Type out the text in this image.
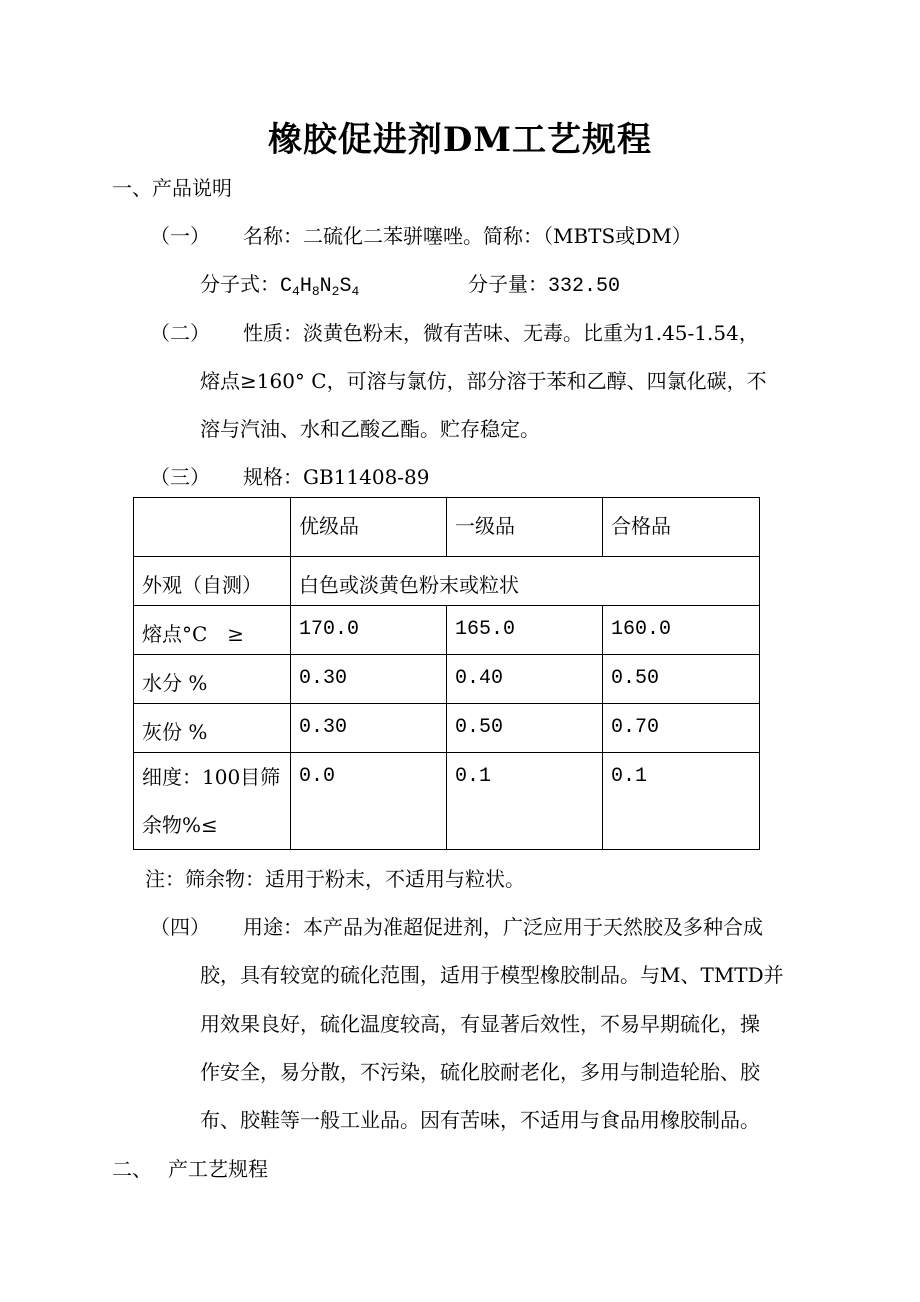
橡胶促进剂DM工艺规程
一、产品说明
（一） 名称：二硫化二苯骈噻唑。简称：（MBTS或DM）
分子式：$C_4H_8N_2S_4$	分子量：332.50
（二） 性质：淡黄色粉末，微有苦味、无毒。比重为1.45-1.54，
熔点≥160° C，可溶与氯仿，部分溶于苯和乙醇、四氯化碳，不
溶与汽油、水和乙酸乙酯。贮存稳定。
（三） 规格：GB11408-89
	优级品	一级品	合格品
外观（自测）	白色或淡黄色粉末或粒状		
熔点°C　≥	170.0	165.0	160.0
水分 %	0.30	0.40	0.50
灰份 %	0.30	0.50	0.70

细度：100目筛
余物%≤	0.0	0.1	0.1
注：筛余物：适用于粉末，不适用与粒状。
（四） 用途：本产品为准超促进剂，广泛应用于天然胶及多种合成
胶，具有较宽的硫化范围，适用于模型橡胶制品。与M、TMTD并
用效果良好，硫化温度较高，有显著后效性，不易早期硫化，操
作安全，易分散，不污染，硫化胶耐老化，多用与制造轮胎、胶
布、胶鞋等一般工业品。因有苦味，不适用与食品用橡胶制品。
二、 产工艺规程
